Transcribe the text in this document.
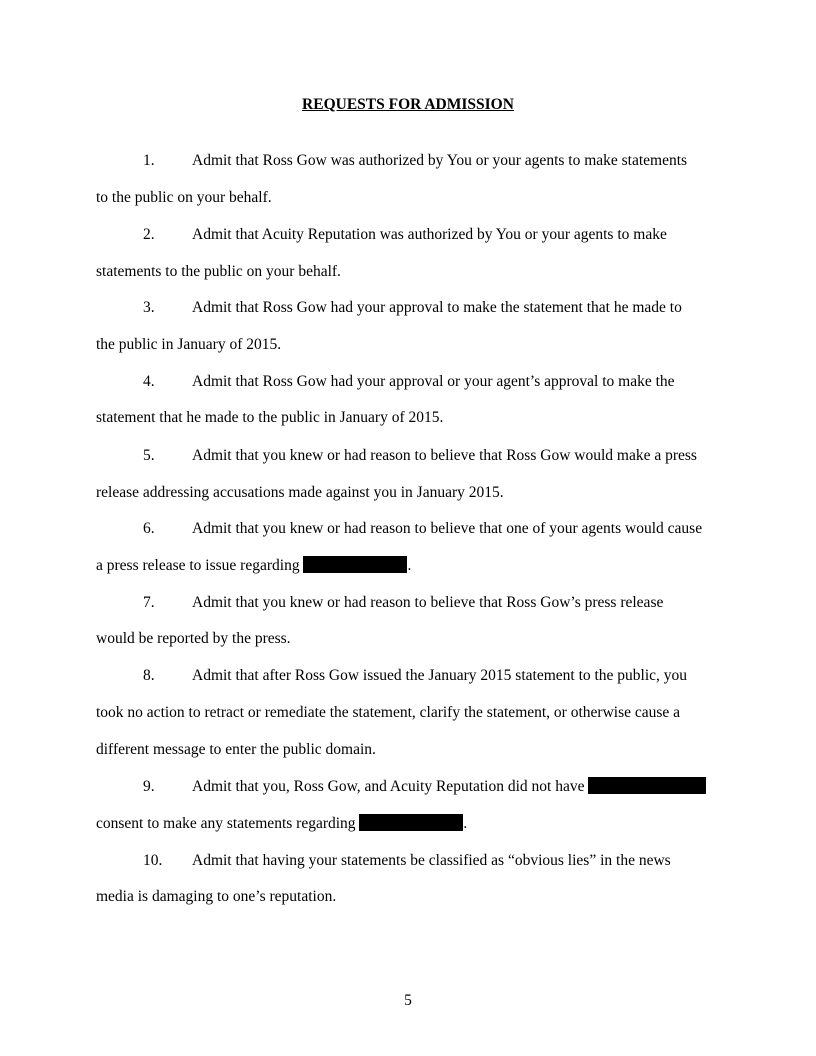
REQUESTS FOR ADMISSION
1. Admit that Ross Gow was authorized by You or your agents to make statements
to the public on your behalf.
2. Admit that Acuity Reputation was authorized by You or your agents to make
statements to the public on your behalf.
3. Admit that Ross Gow had your approval to make the statement that he made to
the public in January of 2015.
4. Admit that Ross Gow had your approval or your agent’s approval to make the
statement that he made to the public in January of 2015.
5. Admit that you knew or had reason to believe that Ross Gow would make a press
release addressing accusations made against you in January 2015.
6. Admit that you knew or had reason to believe that one of your agents would cause
a press release to issue regarding	.
7. Admit that you knew or had reason to believe that Ross Gow’s press release
would be reported by the press.
8. Admit that after Ross Gow issued the January 2015 statement to the public, you
took no action to retract or remediate the statement, clarify the statement, or otherwise cause a
different message to enter the public domain.
9. Admit that you, Ross Gow, and Acuity Reputation did not have
consent to make any statements regarding	.
10. Admit that having your statements be classified as “obvious lies” in the news
media is damaging to one’s reputation.
5
